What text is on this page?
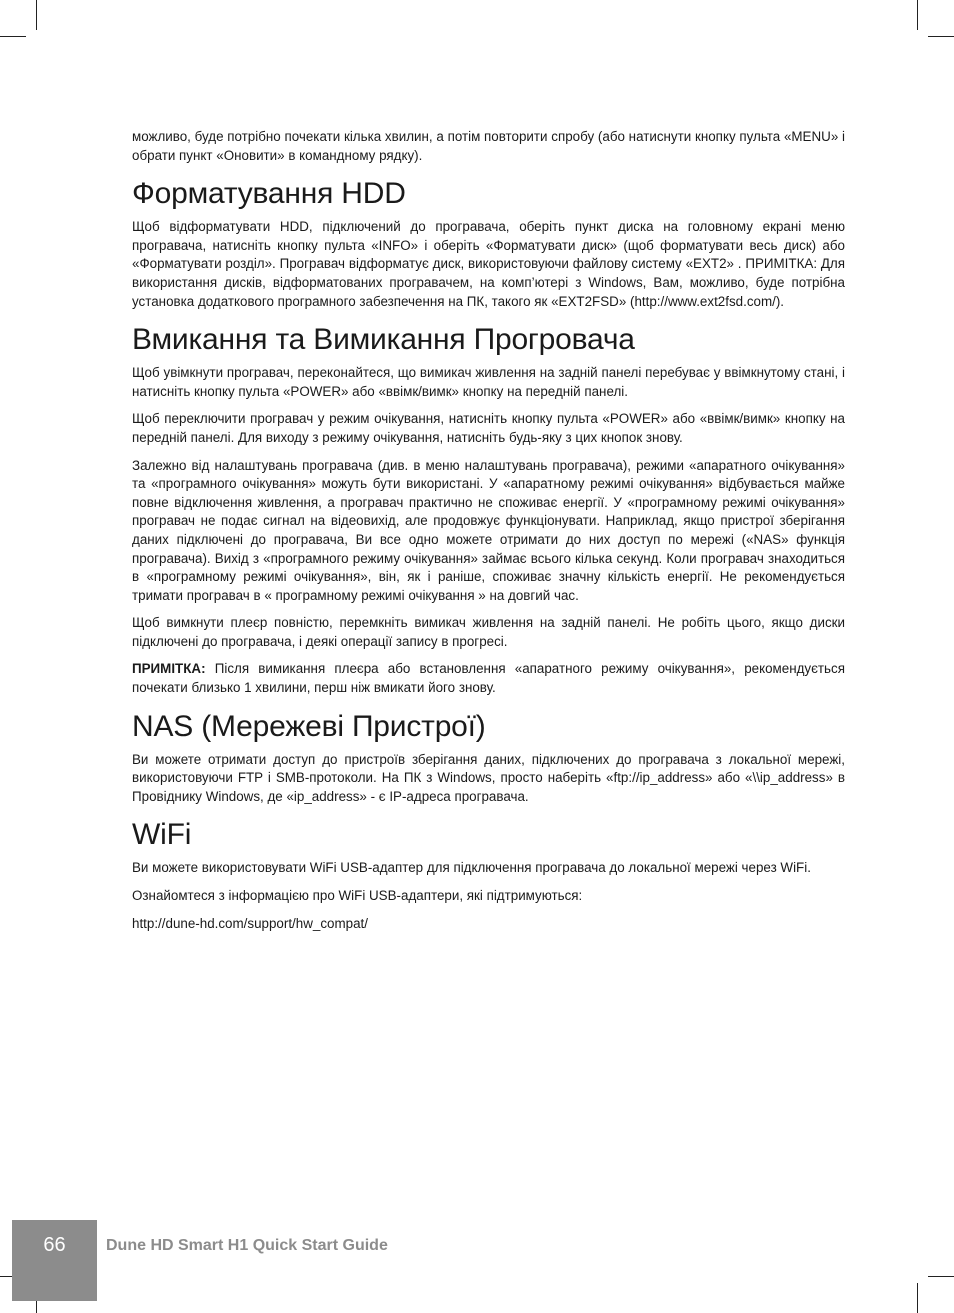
можливо, буде потрібно почекати кілька хвилин, а потім повторити спробу (або натиснути кнопку пульта «MENU» і обрати пункт «Оновити» в командному рядку).

Форматування HDD

Щоб відформатувати HDD, підключений до програвача, оберіть пункт диска на головному екрані меню програвача, натисніть кнопку пульта «INFO» і оберіть «Форматувати диск» (щоб форматувати весь диск) або «Форматувати розділ». Програвач відформатує диск, використовуючи файлову систему «EXT2» . ПРИМІТКА: Для використання дисків, відформатованих програвачем, на комп’ютері з Windows, Вам, можливо, буде потрібна установка додаткового програмного забезпечення на ПК, такого як «EXT2FSD» (http://www.ext2fsd.com/).

Вмикання та Вимикання Прогровача

Щоб увімкнути програвач, переконайтеся, що вимикач живлення на задній панелі перебуває у ввімкнутому стані, і натисніть кнопку пульта «POWER» або «ввімк/вимк» кнопку на передній панелі.

Щоб переключити програвач у режим очікування, натисніть кнопку пульта «POWER» або «ввімк/вимк» кнопку на передній панелі. Для виходу з режиму очікування, натисніть будь-яку з цих кнопок знову.

Залежно від налаштувань програвача (див. в меню налаштувань програвача), режими «апаратного очікування» та «програмного очікування» можуть бути використані. У «апаратному режимі очікування» відбувається майже повне відключення живлення, а програвач практично не споживає енергії. У «програмному режимі очікування» програвач не подає сигнал на відеовихід, але продовжує функціонувати. Наприклад, якщо пристрої зберігання даних підключені до програвача, Ви все одно можете отримати до них доступ по мережі («NAS» функція програвача). Вихід з «програмного режиму очікування» займає всього кілька секунд. Коли програвач знаходиться в «програмному режимі очікування», він, як і раніше, споживає значну кількість енергії. Не рекомендується тримати програвач в « програмному режимі очікування » на довгий час.

Щоб вимкнути плеєр повністю, перемкніть вимикач живлення на задній панелі. Не робіть цього, якщо диски підключені до програвача, і деякі операції запису в прогресі.

ПРИМІТКА: Після вимикання плеєра або встановлення «апаратного режиму очікування», рекомендується почекати близько 1 хвилини, перш ніж вмикати його знову.

NAS (Мережеві Пристрої)

Ви можете отримати доступ до пристроїв зберігання даних, підключених до програвача з локальної мережі, використовуючи FTP і SMB-протоколи. На ПК з Windows, просто наберіть «ftp://ip_address» або «\\ip_address» в Провіднику Windows, де «ip_address» - є IP-адреса програвача.

WiFi

Ви можете використовувати WiFi USB-адаптер для підключення програвача до локальної мережі через WiFi.

Ознайомтеся з інформацією про WiFi USB-адаптери, які підтримуються:

http://dune-hd.com/support/hw_compat/

66	Dune HD Smart H1 Quick Start Guide
